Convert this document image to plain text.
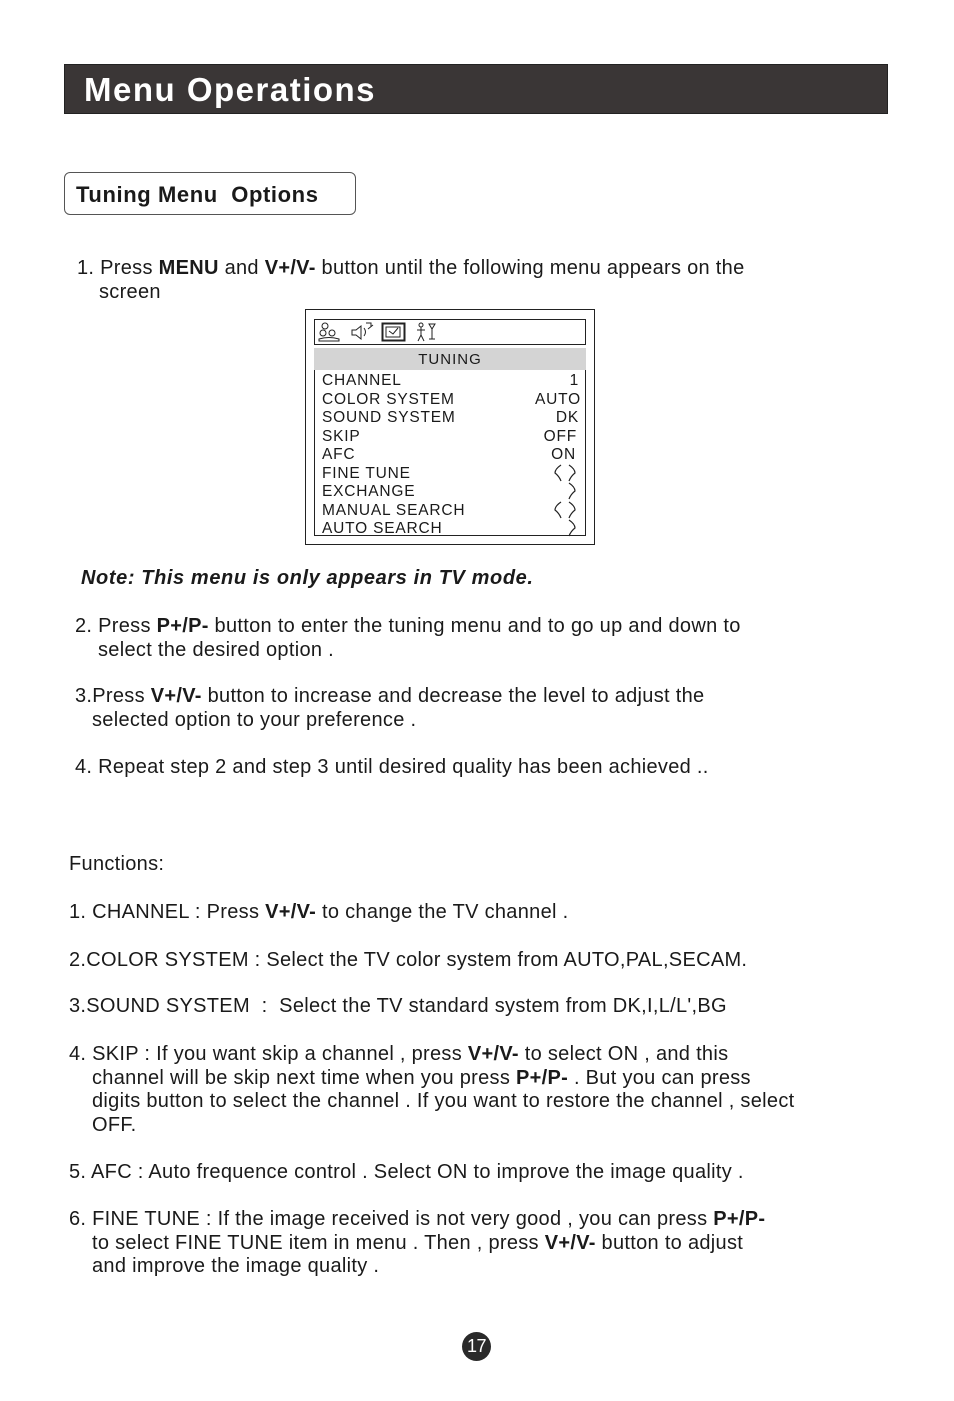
Menu Operations
Tuning Menu  Options

1. Press MENU and V+/V- button until the following menu appears on the
screen

TUNING
CHANNEL	1
COLOR SYSTEM	AUTO
SOUND SYSTEM	DK
SKIP	OFF
AFC	ON
FINE TUNE
EXCHANGE
MANUAL SEARCH
AUTO SEARCH
Note: This menu is only appears in TV mode.

2. Press P+/P- button to enter the tuning menu and to go up and down to
select the desired option .

3.Press V+/V- button to increase and decrease the level to adjust the
selected option to your preference .

4. Repeat step 2 and step 3 until desired quality has been achieved ..

Functions:

1. CHANNEL : Press V+/V- to change the TV channel .

2.COLOR SYSTEM : Select the TV color system from AUTO,PAL,SECAM.

3.SOUND SYSTEM  :  Select the TV standard system from DK,I,L/L',BG

4. SKIP : If you want skip a channel , press V+/V- to select ON , and this
channel will be skip next time when you press P+/P- . But you can press
digits button to select the channel . If you want to restore the channel , select
OFF.

5. AFC : Auto frequence control . Select ON to improve the image quality .

6. FINE TUNE : If the image received is not very good , you can press P+/P-
to select FINE TUNE item in menu . Then , press V+/V- button to adjust
and improve the image quality .

17
